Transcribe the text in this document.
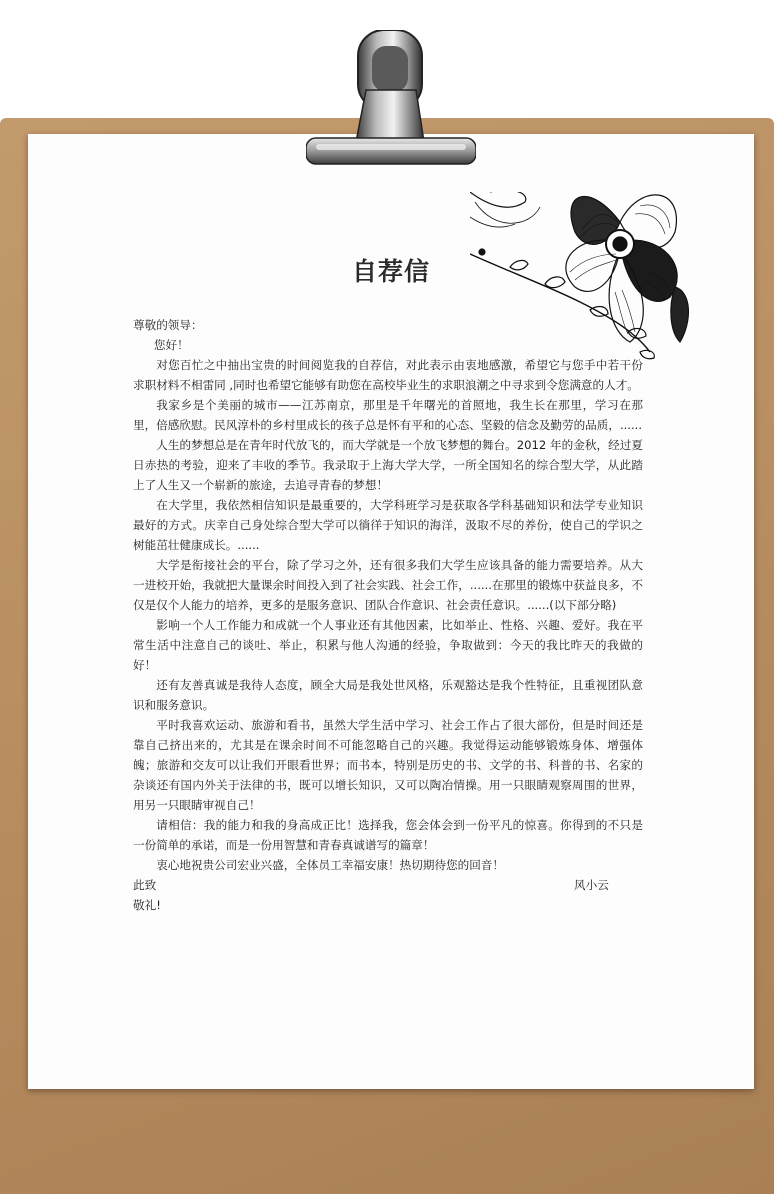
自荐信

尊敬的领导：

您好！

对您百忙之中抽出宝贵的时间阅览我的自荐信，对此表示由衷地感激，希望它与您手中若干份求职材料不相雷同 ,同时也希望它能够有助您在高校毕业生的求职浪潮之中寻求到令您满意的人才。

我家乡是个美丽的城市——江苏南京，那里是千年曙光的首照地，我生长在那里，学习在那里，倍感欣慰。民风淳朴的乡村里成长的孩子总是怀有平和的心态、坚毅的信念及勤劳的品质，......

人生的梦想总是在青年时代放飞的，而大学就是一个放飞梦想的舞台。2012 年的金秋，经过夏日赤热的考验，迎来了丰收的季节。我录取于上海大学大学，一所全国知名的综合型大学，从此踏上了人生又一个崭新的旅途，去追寻青春的梦想！

在大学里，我依然相信知识是最重要的，大学科班学习是获取各学科基础知识和法学专业知识最好的方式。庆幸自己身处综合型大学可以徜徉于知识的海洋，汲取不尽的养份，使自己的学识之树能茁壮健康成长。......

大学是衔接社会的平台，除了学习之外，还有很多我们大学生应该具备的能力需要培养。从大一进校开始，我就把大量课余时间投入到了社会实践、社会工作，......在那里的锻炼中获益良多，不仅是仅个人能力的培养，更多的是服务意识、团队合作意识、社会责任意识。......(以下部分略)

影响一个人工作能力和成就一个人事业还有其他因素，比如举止、性格、兴趣、爱好。我在平常生活中注意自己的谈吐、举止，积累与他人沟通的经验，争取做到：今天的我比昨天的我做的好！

还有友善真诚是我待人态度，顾全大局是我处世风格，乐观豁达是我个性特征，且重视团队意识和服务意识。

平时我喜欢运动、旅游和看书，虽然大学生活中学习、社会工作占了很大部份，但是时间还是靠自己挤出来的，尤其是在课余时间不可能忽略自己的兴趣。我觉得运动能够锻炼身体、增强体魄；旅游和交友可以让我们开眼看世界；而书本，特别是历史的书、文学的书、科普的书、名家的杂谈还有国内外关于法律的书，既可以增长知识，又可以陶冶情操。用一只眼睛观察周围的世界，用另一只眼睛审视自己！

请相信：我的能力和我的身高成正比！选择我，您会体会到一份平凡的惊喜。你得到的不只是一份简单的承诺，而是一份用智慧和青春真诚谱写的篇章！

衷心地祝贵公司宏业兴盛，全体员工幸福安康！热切期待您的回音！

此致

敬礼!

风小云
